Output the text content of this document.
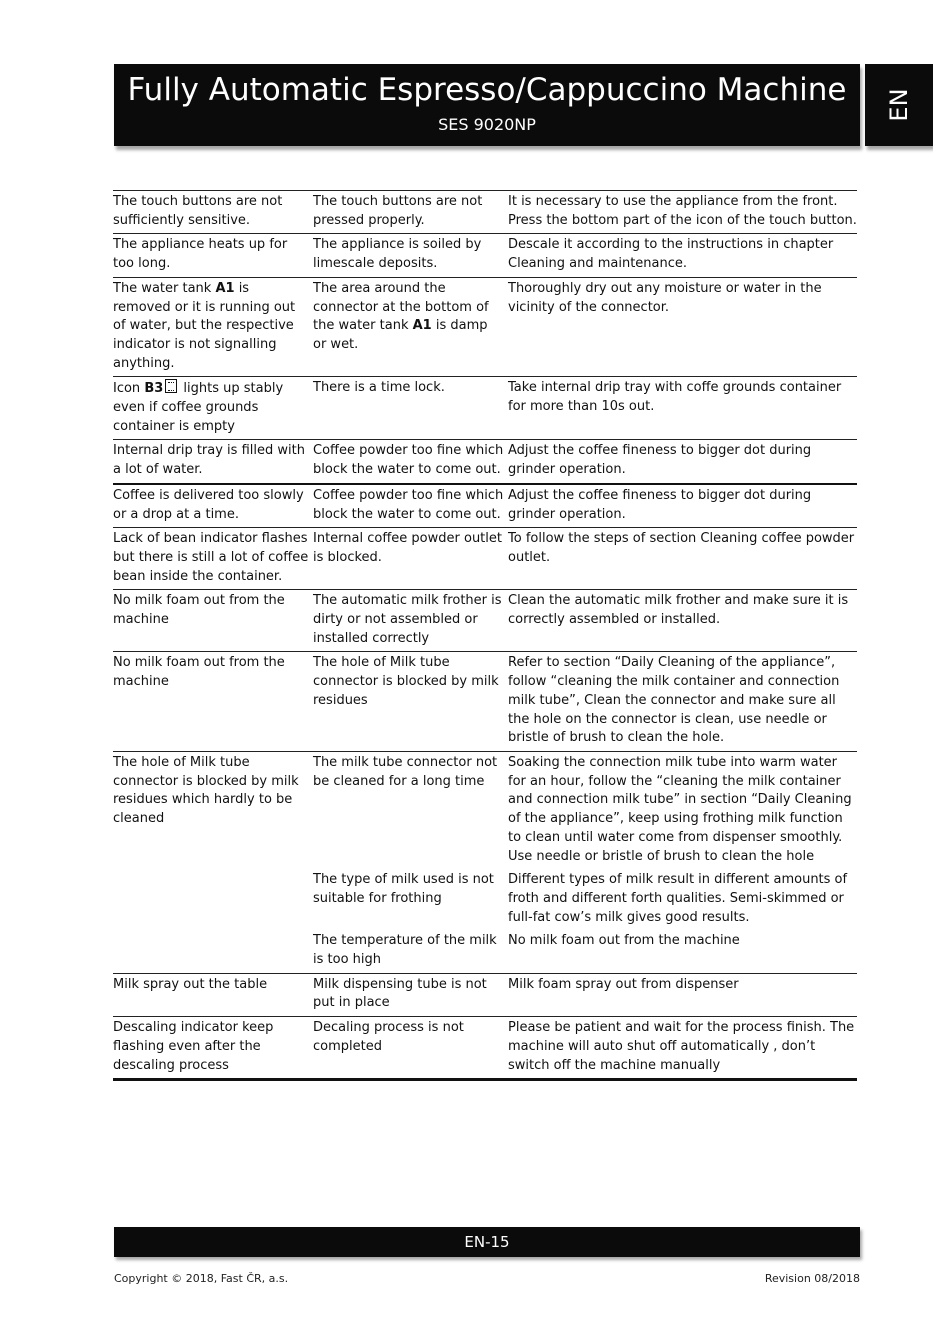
Fully Automatic Espresso/Cappuccino Machine
SES 9020NP
EN
The touch buttons are not sufficiently sensitive.	The touch buttons are not pressed properly.	It is necessary to use the appliance from the front. Press the bottom part of the icon of the touch button.
The appliance heats up for too long.	The appliance is soiled by limescale deposits.	Descale it according to the instructions in chapter Cleaning and maintenance.
The water tank A1 is removed or it is running out of water, but the respective indicator is not signalling anything.	The area around the connector at the bottom of the water tank A1 is damp or wet.	Thoroughly dry out any moisture or water in the vicinity of the connector.
Icon B3 lights up stably even if coffee grounds container is empty	There is a time lock.	Take internal drip tray with coffe grounds container for more than 10s out.
Internal drip tray is filled with a lot of water.	Coffee powder too fine which block the water to come out.	Adjust the coffee fineness to bigger dot during grinder operation.
Coffee is delivered too slowly or a drop at a time.	Coffee powder too fine which block the water to come out.	Adjust the coffee fineness to bigger dot during grinder operation.
Lack of bean indicator flashes but there is still a lot of coffee bean inside the container.	Internal coffee powder outlet is blocked.	To follow the steps of section Cleaning coffee powder outlet.
No milk foam out from the machine	The automatic milk frother is dirty or not assembled or installed correctly	Clean the automatic milk frother and make sure it is correctly assembled or installed.
No milk foam out from the machine	The hole of Milk tube connector is blocked by milk residues	Refer to section “Daily Cleaning of the appliance”, follow “cleaning the milk container and connection milk tube”, Clean the connector and make sure all the hole on the connector is clean, use needle or bristle of brush to clean the hole.
The hole of Milk tube connector is blocked by milk residues which hardly to be cleaned	The milk tube connector not be cleaned for a long time	Soaking the connection milk tube into warm water for an hour, follow the “cleaning the milk container and connection milk tube” in section “Daily Cleaning of the appliance”, keep using frothing milk function to clean until water come from dispenser smoothly. Use needle or bristle of brush to clean the hole
	The type of milk used is not suitable for frothing	Different types of milk result in different amounts of froth and different forth qualities. Semi-skimmed or full-fat cow’s milk gives good results.
	The temperature of the milk is too high	No milk foam out from the machine
Milk spray out the table	Milk dispensing tube is not put in place	Milk foam spray out from dispenser
Descaling indicator keep flashing even after the descaling process	Decaling process is not completed	Please be patient and wait for the process finish. The machine will auto shut off automatically , don’t switch off the machine manually
EN-15
Copyright © 2018, Fast ČR, a.s.	Revision 08/2018
